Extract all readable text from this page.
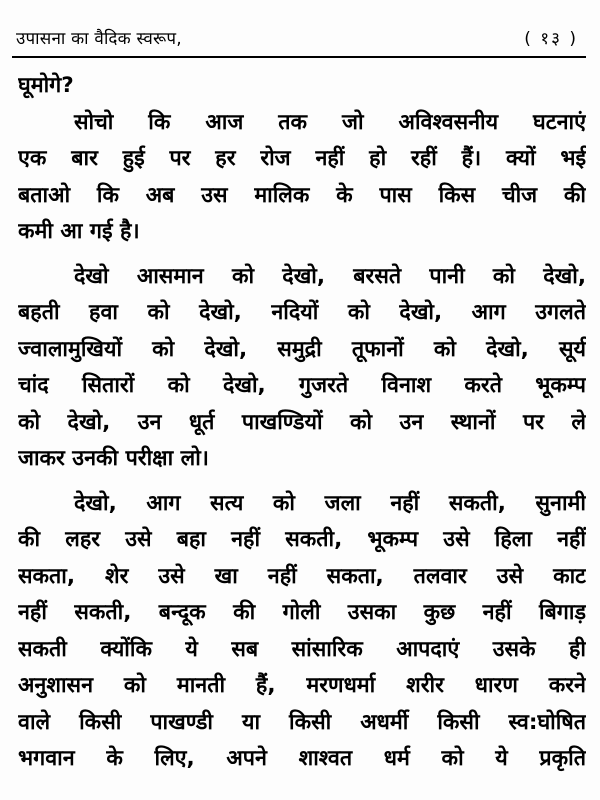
उपासना का वैदिक स्वरूप,	( १३ )
घूमोगे?
सोचो कि आज तक जो अविश्वसनीय घटनाएं
एक बार हुई पर हर रोज नहीं हो रहीं हैं। क्यों भई
बताओ कि अब उस मालिक के पास किस चीज की
कमी आ गई है।
देखो आसमान को देखो, बरसते पानी को देखो,
बहती हवा को देखो, नदियों को देखो, आग उगलते
ज्वालामुखियों को देखो, समुद्री तूफानों को देखो, सूर्य
चांद सितारों को देखो, गुजरते विनाश करते भूकम्प
को देखो, उन धूर्त पाखण्डियों को उन स्थानों पर ले
जाकर उनकी परीक्षा लो।
देखो, आग सत्य को जला नहीं सकती, सुनामी
की लहर उसे बहा नहीं सकती, भूकम्प उसे हिला नहीं
सकता, शेर उसे खा नहीं सकता, तलवार उसे काट
नहीं सकती, बन्दूक की गोली उसका कुछ नहीं बिगाड़
सकती क्योंकि ये सब सांसारिक आपदाएं उसके ही
अनुशासन को मानती हैं, मरणधर्मा शरीर धारण करने
वाले किसी पाखण्डी या किसी अधर्मी किसी स्व:घोषित
भगवान के लिए, अपने शाश्वत धर्म को ये प्रकृति
